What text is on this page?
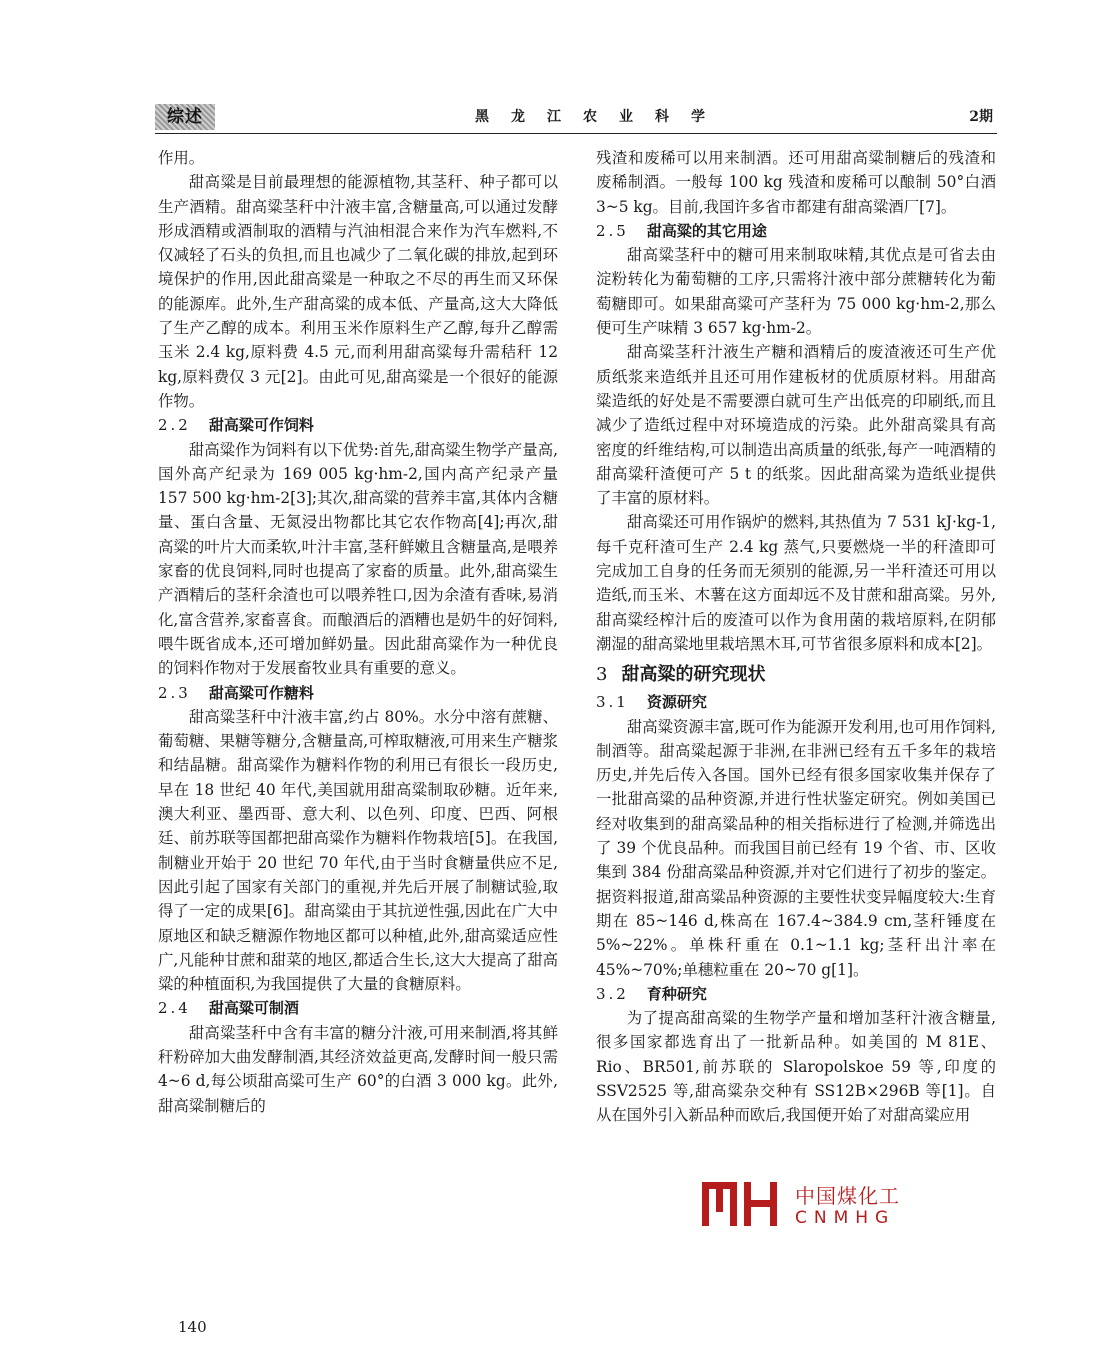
综述	黑龙江农业科学	2期

作用。

甜高粱是目前最理想的能源植物,其茎秆、种子都可以生产酒精。甜高粱茎秆中汁液丰富,含糖量高,可以通过发酵形成酒精或酒制取的酒精与汽油相混合来作为汽车燃料,不仅减轻了石头的负担,而且也减少了二氧化碳的排放,起到环境保护的作用,因此甜高粱是一种取之不尽的再生而又环保的能源库。此外,生产甜高粱的成本低、产量高,这大大降低了生产乙醇的成本。利用玉米作原料生产乙醇,每升乙醇需玉米 2.4 kg,原料费 4.5 元,而利用甜高粱每升需秸秆 12 kg,原料费仅 3 元[2]。由此可见,甜高粱是一个很好的能源作物。

2.2 甜高粱可作饲料

甜高粱作为饲料有以下优势:首先,甜高粱生物学产量高,国外高产纪录为 169 005 kg·hm-2,国内高产纪录产量 157 500 kg·hm-2[3];其次,甜高粱的营养丰富,其体内含糖量、蛋白含量、无氮浸出物都比其它农作物高[4];再次,甜高粱的叶片大而柔软,叶汁丰富,茎秆鲜嫩且含糖量高,是喂养家畜的优良饲料,同时也提高了家畜的质量。此外,甜高粱生产酒精后的茎秆余渣也可以喂养牲口,因为余渣有香味,易消化,富含营养,家畜喜食。而酿酒后的酒糟也是奶牛的好饲料,喂牛既省成本,还可增加鲜奶量。因此甜高粱作为一种优良的饲料作物对于发展畜牧业具有重要的意义。

2.3 甜高粱可作糖料

甜高粱茎秆中汁液丰富,约占 80%。水分中溶有蔗糖、葡萄糖、果糖等糖分,含糖量高,可榨取糖液,可用来生产糖浆和结晶糖。甜高粱作为糖料作物的利用已有很长一段历史,早在 18 世纪 40 年代,美国就用甜高粱制取砂糖。近年来,澳大利亚、墨西哥、意大利、以色列、印度、巴西、阿根廷、前苏联等国都把甜高粱作为糖料作物栽培[5]。在我国,制糖业开始于 20 世纪 70 年代,由于当时食糖量供应不足,因此引起了国家有关部门的重视,并先后开展了制糖试验,取得了一定的成果[6]。甜高粱由于其抗逆性强,因此在广大中原地区和缺乏糖源作物地区都可以种植,此外,甜高粱适应性广,凡能种甘蔗和甜菜的地区,都适合生长,这大大提高了甜高粱的种植面积,为我国提供了大量的食糖原料。

2.4 甜高粱可制酒

甜高粱茎秆中含有丰富的糖分汁液,可用来制酒,将其鲜秆粉碎加大曲发酵制酒,其经济效益更高,发酵时间一般只需 4~6 d,每公顷甜高粱可生产 60°的白酒 3 000 kg。此外,甜高粱制糖后的

残渣和废稀可以用来制酒。还可用甜高粱制糖后的残渣和废稀制酒。一般每 100 kg 残渣和废稀可以酿制 50°白酒 3~5 kg。目前,我国许多省市都建有甜高粱酒厂[7]。

2.5 甜高粱的其它用途

甜高粱茎秆中的糖可用来制取味精,其优点是可省去由淀粉转化为葡萄糖的工序,只需将汁液中部分蔗糖转化为葡萄糖即可。如果甜高粱可产茎秆为 75 000 kg·hm-2,那么便可生产味精 3 657 kg·hm-2。

甜高粱茎秆汁液生产糖和酒精后的废渣液还可生产优质纸浆来造纸并且还可用作建板材的优质原材料。用甜高粱造纸的好处是不需要漂白就可生产出低亮的印刷纸,而且减少了造纸过程中对环境造成的污染。此外甜高粱具有高密度的纤维结构,可以制造出高质量的纸张,每产一吨酒精的甜高粱秆渣便可产 5 t 的纸浆。因此甜高粱为造纸业提供了丰富的原材料。

甜高粱还可用作锅炉的燃料,其热值为 7 531 kJ·kg-1,每千克秆渣可生产 2.4 kg 蒸气,只要燃烧一半的秆渣即可完成加工自身的任务而无须别的能源,另一半秆渣还可用以造纸,而玉米、木薯在这方面却远不及甘蔗和甜高粱。另外,甜高粱经榨汁后的废渣可以作为食用菌的栽培原料,在阴郁潮湿的甜高粱地里栽培黑木耳,可节省很多原料和成本[2]。

3 甜高粱的研究现状
3.1 资源研究

甜高粱资源丰富,既可作为能源开发利用,也可用作饲料,制酒等。甜高粱起源于非洲,在非洲已经有五千多年的栽培历史,并先后传入各国。国外已经有很多国家收集并保存了一批甜高粱的品种资源,并进行性状鉴定研究。例如美国已经对收集到的甜高粱品种的相关指标进行了检测,并筛选出了 39 个优良品种。而我国目前已经有 19 个省、市、区收集到 384 份甜高粱品种资源,并对它们进行了初步的鉴定。据资料报道,甜高粱品种资源的主要性状变异幅度较大:生育期在 85~146 d,株高在 167.4~384.9 cm,茎秆锤度在 5%~22%。单株秆重在 0.1~1.1 kg;茎秆出汁率在 45%~70%;单穗粒重在 20~70 g[1]。

3.2 育种研究

为了提高甜高粱的生物学产量和增加茎秆汁液含糖量,很多国家都选育出了一批新品种。如美国的 M 81E、Rio、BR501,前苏联的 Slaropolskoe 59 等,印度的 SSV2525 等,甜高粱杂交种有 SS12B×296B 等[1]。自从在国外引入新品种而欧后,我国便开始了对甜高粱应用

140
中国煤化工
CNMHG
